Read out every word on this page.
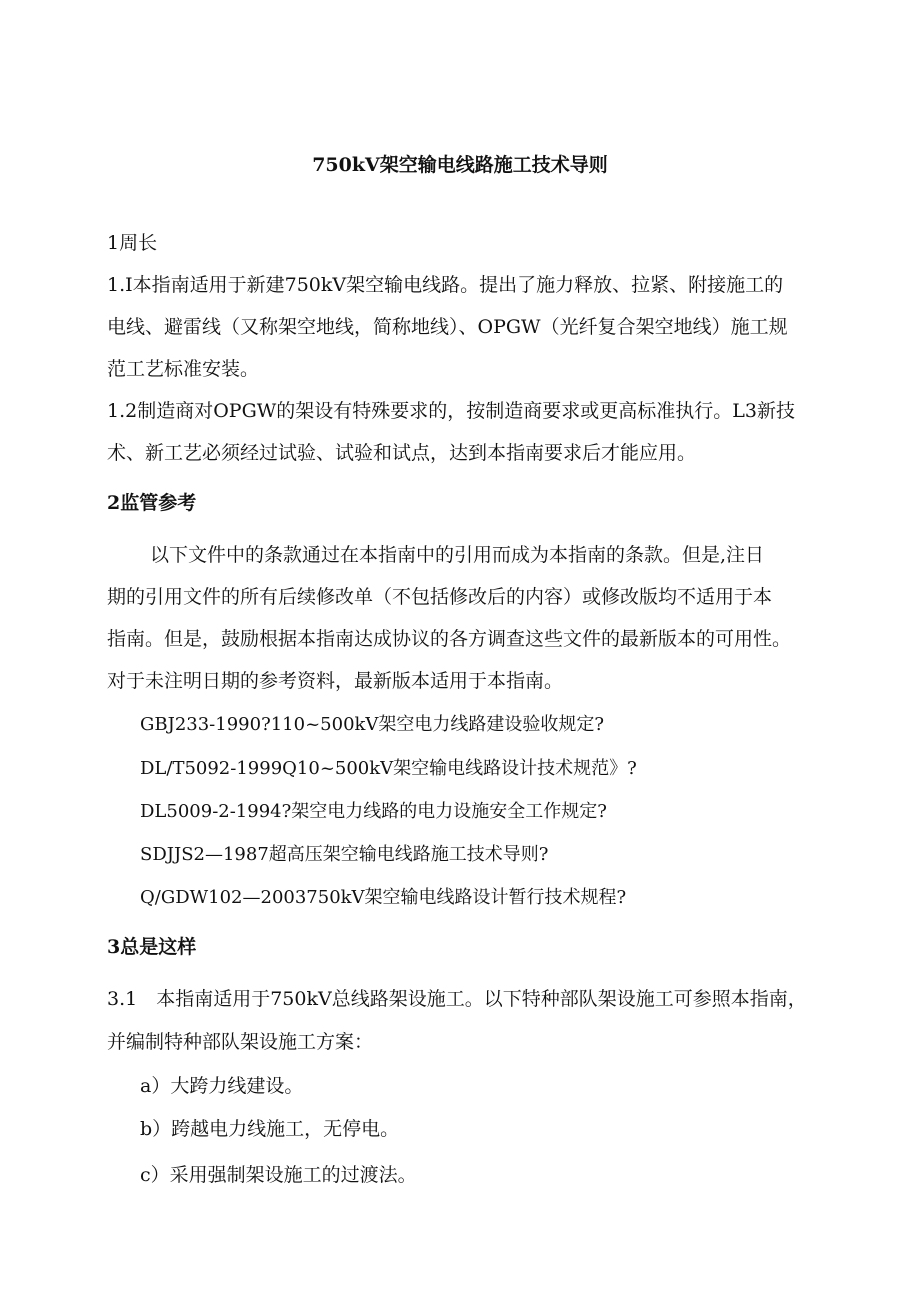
750kV架空输电线路施工技术导则
1周长
1.I本指南适用于新建750kV架空输电线路。提出了施力释放、拉紧、附接施工的
电线、避雷线（又称架空地线，简称地线）、OPGW（光纤复合架空地线）施工规
范工艺标准安装。
1.2制造商对OPGW的架设有特殊要求的，按制造商要求或更高标准执行。L3新技
术、新工艺必须经过试验、试验和试点，达到本指南要求后才能应用。
2监管参考
以下文件中的条款通过在本指南中的引用而成为本指南的条款。但是,注日
期的引用文件的所有后续修改单（不包括修改后的内容）或修改版均不适用于本
指南。但是，鼓励根据本指南达成协议的各方调查这些文件的最新版本的可用性。
对于未注明日期的参考资料，最新版本适用于本指南。
GBJ233-1990?110~500kV架空电力线路建设验收规定?
DL/T5092-1999Q10~500kV架空输电线路设计技术规范》?
DL5009-2-1994?架空电力线路的电力设施安全工作规定?
SDJJS2—1987超高压架空输电线路施工技术导则?
Q/GDW102—2003750kV架空输电线路设计暂行技术规程?
3总是这样
3.1　本指南适用于750kV总线路架设施工。以下特种部队架设施工可参照本指南，
并编制特种部队架设施工方案：
a）大跨力线建设。
b）跨越电力线施工，无停电。
c）采用强制架设施工的过渡法。
